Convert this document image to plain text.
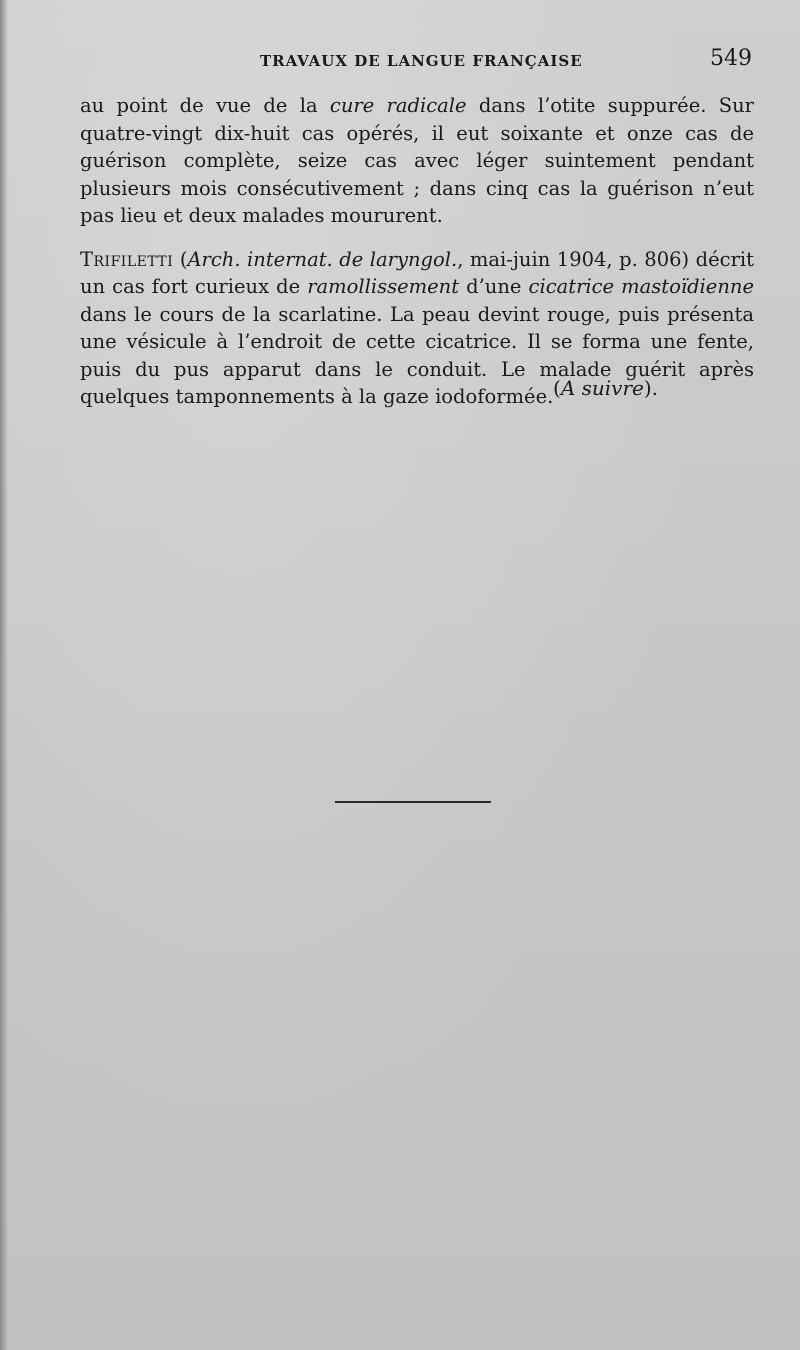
TRAVAUX DE LANGUE FRANÇAISE	549

au point de vue de la cure radicale dans l’otite suppurée. Sur quatre-vingt dix-huit cas opérés, il eut soixante et onze cas de guérison complète, seize cas avec léger suintement pendant plusieurs mois consécutivement ; dans cinq cas la guérison n’eut pas lieu et deux malades moururent.

Trifiletti (Arch. internat. de laryngol., mai-juin 1904, p. 806) décrit un cas fort curieux de ramollissement d’une cicatrice mastoïdienne dans le cours de la scarlatine. La peau devint rouge, puis présenta une vésicule à l’endroit de cette cicatrice. Il se forma une fente, puis du pus apparut dans le conduit. Le malade guérit après quelques tamponnements à la gaze iodoformée. (A suivre).
